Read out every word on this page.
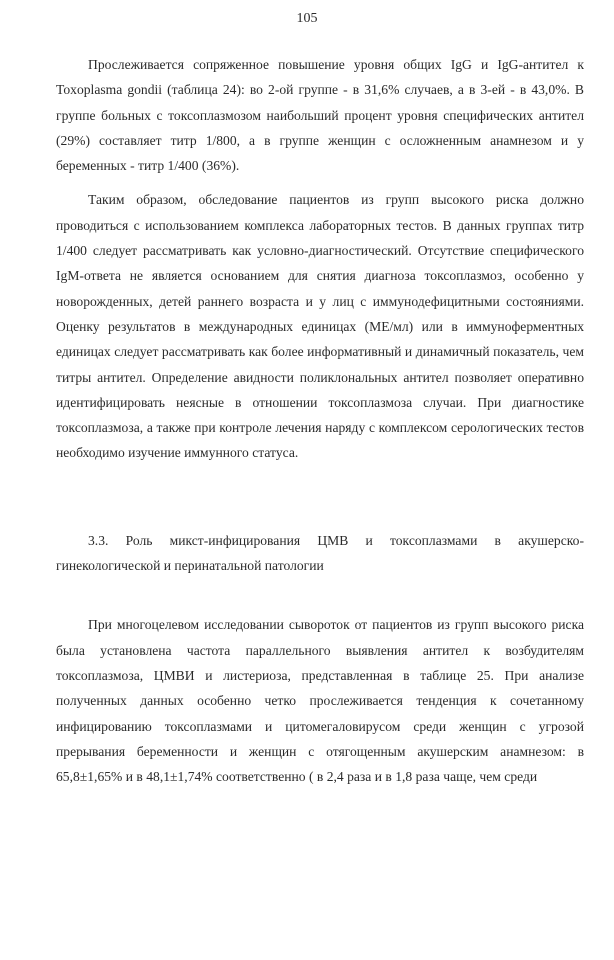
105

Прослеживается сопряженное повышение уровня общих IgG и IgG-антител к Toxoplasma gondii (таблица 24): во 2-ой группе - в 31,6% случаев, а в 3-ей - в 43,0%. В группе больных с токсоплазмозом наибольший процент уровня специфических антител (29%) составляет титр 1/800, а в группе женщин с осложненным анамнезом и у беременных - титр 1/400 (36%).

Таким образом, обследование пациентов из групп высокого риска должно проводиться с использованием комплекса лабораторных тестов. В данных группах титр 1/400 следует рассматривать как условно-диагностический. Отсутствие специфического IgM-ответа не является основанием для снятия диагноза токсоплазмоз, особенно у новорожденных, детей раннего возраста и у лиц с иммунодефицитными состояниями. Оценку результатов в международных единицах (МЕ/мл) или в иммуноферментных единицах следует рассматривать как более информативный и динамичный показатель, чем титры антител. Определение авидности поликлональных антител позволяет оперативно идентифицировать неясные в отношении токсоплазмоза случаи. При диагностике токсоплазмоза, а также при контроле лечения наряду с комплексом серологических тестов необходимо изучение иммунного статуса.

3.3. Роль микст-инфицирования ЦМВ и токсоплазмами в акушерско-гинекологической и перинатальной патологии

При многоцелевом исследовании сывороток от пациентов из групп высокого риска была установлена частота параллельного выявления антител к возбудителям токсоплазмоза, ЦМВИ и листериоза, представленная в таблице 25. При анализе полученных данных особенно четко прослеживается тенденция к сочетанному инфицированию токсоплазмами и цитомегаловирусом среди женщин с угрозой прерывания беременности и женщин с отягощенным акушерским анамнезом: в 65,8±1,65% и в 48,1±1,74% соответственно ( в 2,4 раза и в 1,8 раза чаще, чем среди
